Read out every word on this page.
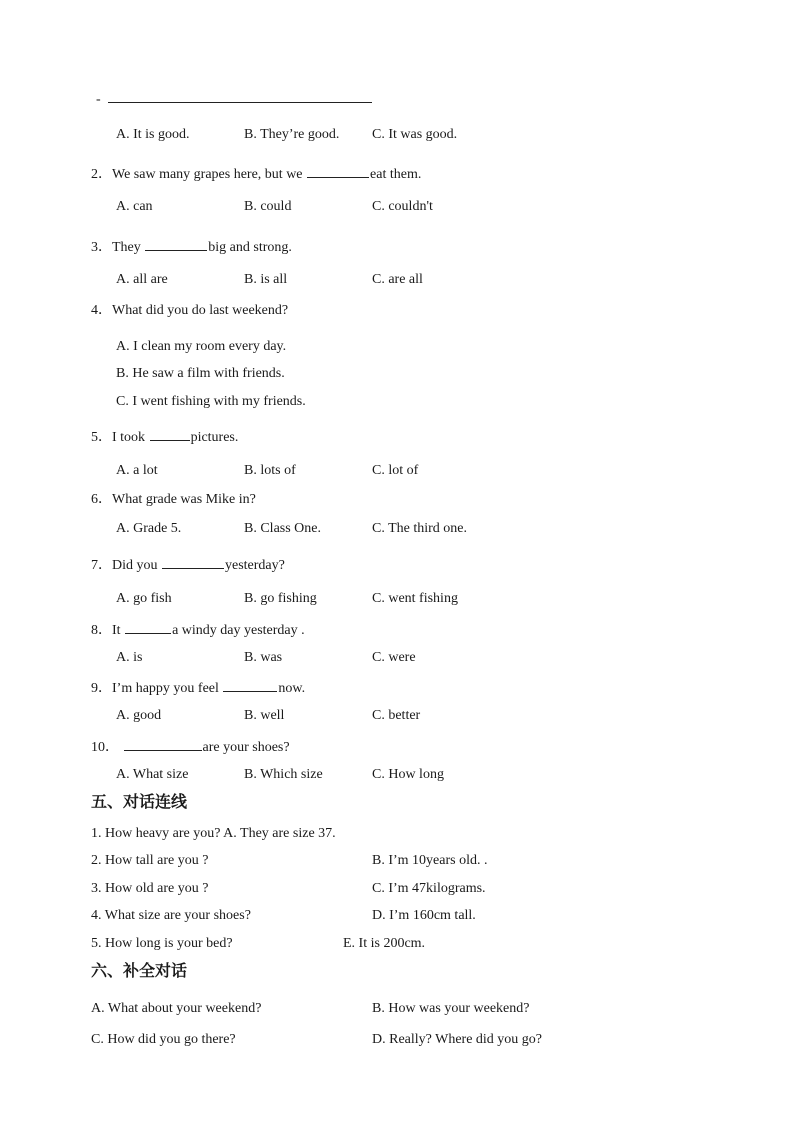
-
A. It is good.	B. They’re good. C. It was good.
2．We saw many grapes here, but we	eat them.
A. can	B. could	C. couldn't
3．They	big and strong.
A. all are	B. is all	C. are all
4．What did you do last weekend?
A. I clean my room every day.
B. He saw a film with friends.
C. I went fishing with my friends.
5．I took	pictures.
A. a lot	B. lots of	C. lot of
6．What grade was Mike in?
A. Grade 5.	B. Class One.	C. The third one.
7．Did you	yesterday?
A. go fish	B. go fishing	C. went fishing
8．It	a windy day yesterday .
A. is	B. was	C. were
9．I’m happy you feel	now.
A. good	B. well	C. better
10．	are your shoes?
A. What size	B. Which size	C. How long
五、对话连线
1. How heavy are you? A. They are size 37.
2. How tall are you ?	B. I’m 10years old. .
3. How old are you ?	C. I’m 47kilograms.
4. What size are your shoes?	D. I’m 160cm tall.
5. How long is your bed?	E. It is 200cm.
六、补全对话
A. What about your weekend?	B. How was your weekend?
C. How did you go there?	D. Really? Where did you go?
